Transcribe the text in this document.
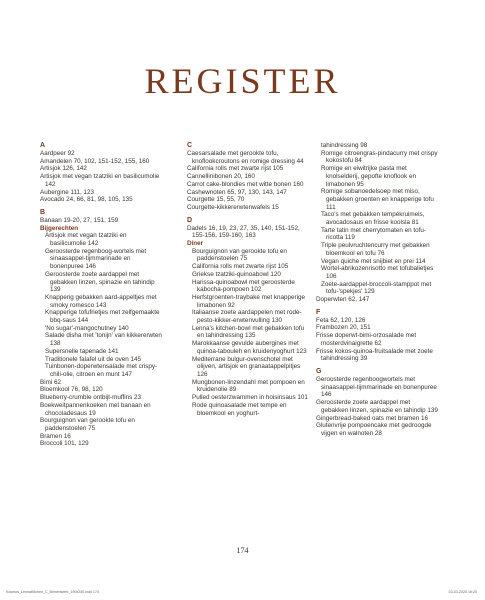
REGISTER
A
Aardpeer 92
Amandelen 70, 102, 151-152, 155, 160
Artisjok 126, 142
Artisjok met vegan tzatziki en basilicumolie 142
Aubergine 111, 123
Avocado 24, 66, 81, 98, 105, 135
B
Banaan 19-20, 27, 151, 159
Bijgerechten
Artisjok met vegan tzatziki en basilicumolie 142
Geroosterde regenboog-wortels met sinaasappel-tijmmarinade en bonenpuree 146
Geroosterde zoete aardappel met gebakken linzen, spinazie en tahindip 139
Knapperig gebakken aard-appeltjes met smoky romesco 143
Knapperige tofufrietjes met zelfgemaakte bbq-saus 144
'No sugar'-mangochutney 140
Salade disha met 'tonijn' van kikkererwten 138
Supersnelle tapenade 141
Traditionele falafel uit de oven 145
Tuinbonen-doperwtensalade met crispy-chili-olie, citroen en munt 147
Bimi 62
Bloemkool 76, 98, 120
Blueberry-crumble ontbijt-muffins 23
Boekweitpannenkoeken met banaan en chocoladesaus 19
Bourguignon van gerookte tofu en paddenstoelen 75
Bramen 16
Broccoli 101, 129
C
Caesarsalade met gerookte tofu, knoflookcroutons en romige dressing 44
California rolls met zwarte rijst 105
Cannellinibonen 20, 160
Carrot cake-blondies met witte bonen 160
Cashewnoten 65, 97, 130, 143, 147
Courgette 15, 55, 70
Courgette-kikkererwtenwafels 15
D
Dadels 16, 19, 23, 27, 35, 140, 151-152, 155-156, 159-160, 163
Diner
Bourguignon van gerookte tofu en paddenstoelen 75
California rolls met zwarte rijst 105
Griekse tzatziki-quinoabowl 120
Harissa-quinoabowl met geroosterde kabocha-pompoen 102
Herfstgroenten-traybake met knapperige limabonen 92
Italiaanse zoete aardappelen met rode-pesto-kikker-erwtenvulling 130
Lenna's kitchen-bowl met gebakken tofu en tahindressing 135
Marokkaanse gevulde aubergines met quinoa-tabouleh en kruidenyoghurt 123
Mediterrane bulgur-ovenschotel met olijven, artisjok en granaatappelpitjes 126
Mungbonen-linzendahl met pompoen en kruidenolie 89
Pulled oesterzwammen in hoisinsaus 101
Rode quinoasalade met tempe en bloemkool en yoghurt-
tahindressing 98
Romige citroengras-pindacurry met crispy kokostofu 84
Romige en eiwitrijke pasta met knolselderij, gepofte knoflook en limabonen 95
Romige sobanoedelsoep met miso, gebakken groenten en knapperige tofu 111
Taco's met gebakken tempékruimels, avocadosaus en frisse koolsla 81
Tarte tatin met cherrytomaten en tofu-ricotta 119
Triple peulvruchtencurry met gebakken bloemkool en tofu 76
Vegan quiche met snijbiet en prei 114
Wortel-abrikozenrisotto met tofubalietjes 106
Zoete-aardappel-broccoli-stamppot met tofu-'spekjes' 129
Doperwten 62, 147
F
Feta 62, 120, 126
Frambozen 20, 151
Frisse doperwt-bimi-orzosalade met mosterdvinaigrette 62
Frisse kokos-quinoa-fruitsalade met zoete tahindressing 39
G
Geroosterde regenboogwortels met sinaasappel-tijmmarinade en bonenpuree 146
Geroosterde zoete aardappel met gebakken linzen, spinazie en tahindip 139
Gingerbread-baked oats met bramen 16
Glutenvrije pompoencake met gedroogde vijgen en walnoten 28
174
Kosmos_LennaKitchen_C_Binnenwerk_190x240.indd 174	03-03-2025 16:20
